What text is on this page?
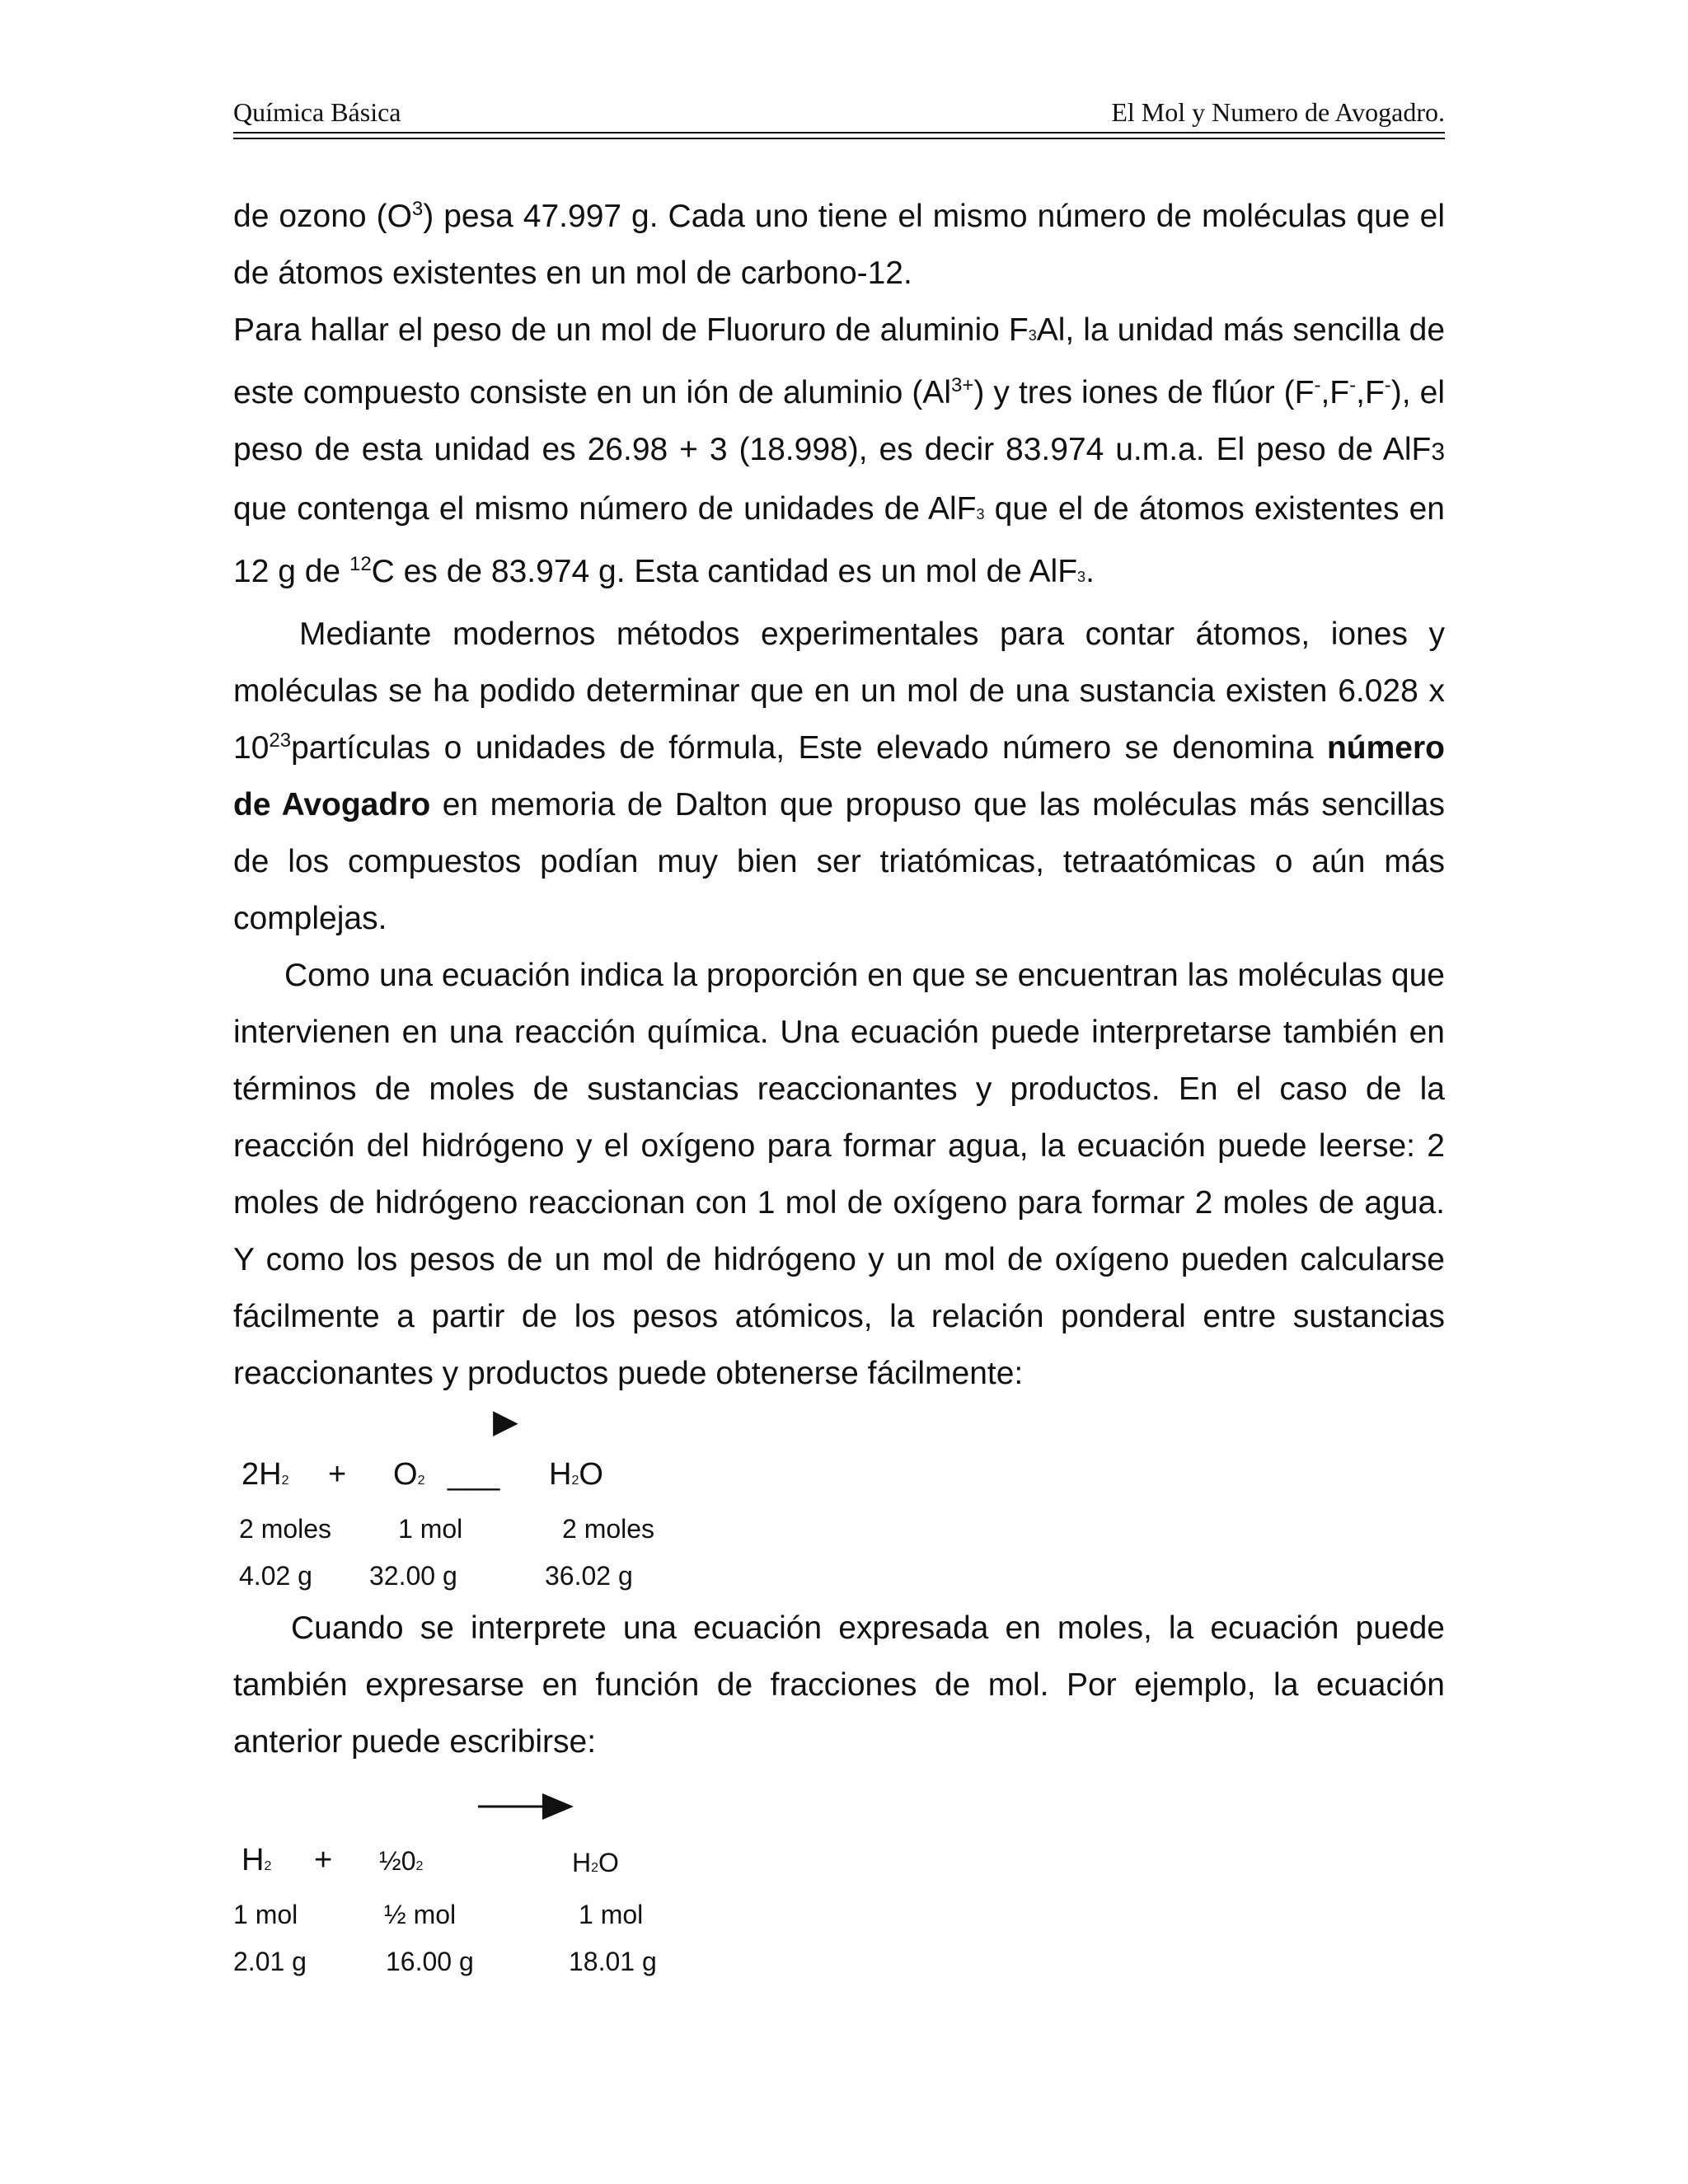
Química Básica	El Mol y Numero de Avogadro.

de ozono $(O^3)$ pesa 47.997 g. Cada uno tiene el mismo número de moléculas que el de átomos existentes en un mol de carbono-12.

Para hallar el peso de un mol de Fluoruro de aluminio F3Al, la unidad más sencilla de este compuesto consiste en un ión de aluminio $(Al^{3+})$ y tres iones de flúor (F-,F-,F-), el peso de esta unidad es 26.98 + 3 (18.998), es decir 83.974 u.m.a. El peso de AlF3 que contenga el mismo número de unidades de AlF3 que el de átomos existentes en 12 g de $^{12}$C es de 83.974 g. Esta cantidad es un mol de AlF3.

Mediante modernos métodos experimentales para contar átomos, iones y moléculas se ha podido determinar que en un mol de una sustancia existen 6.028 x $10^{23}partículas$ o unidades de fórmula, Este elevado número se denomina número de Avogadro en memoria de Dalton que propuso que las moléculas más sencillas de los compuestos podían muy bien ser triatómicas, tetraatómicas o aún más complejas.

Como una ecuación indica la proporción en que se encuentran las moléculas que intervienen en una reacción química. Una ecuación puede interpretarse también en términos de moles de sustancias reaccionantes y productos. En el caso de la reacción del hidrógeno y el oxígeno para formar agua, la ecuación puede leerse: 2 moles de hidrógeno reaccionan con 1 mol de oxígeno para formar 2 moles de agua. Y como los pesos de un mol de hidrógeno y un mol de oxígeno pueden calcularse fácilmente a partir de los pesos atómicos, la relación ponderal entre sustancias reaccionantes y productos puede obtenerse fácilmente:

▶
2H2 + O2 ___ H2O
2 moles	1 mol	2 moles
4.02 g 32.00 g	36.02 g

Cuando se interprete una ecuación expresada en moles, la ecuación puede también expresarse en función de fracciones de mol. Por ejemplo, la ecuación anterior puede escribirse:

H2 + ½02	H2O
1 mol	½ mol	1 mol
2.01 g	16.00 g	18.01 g
